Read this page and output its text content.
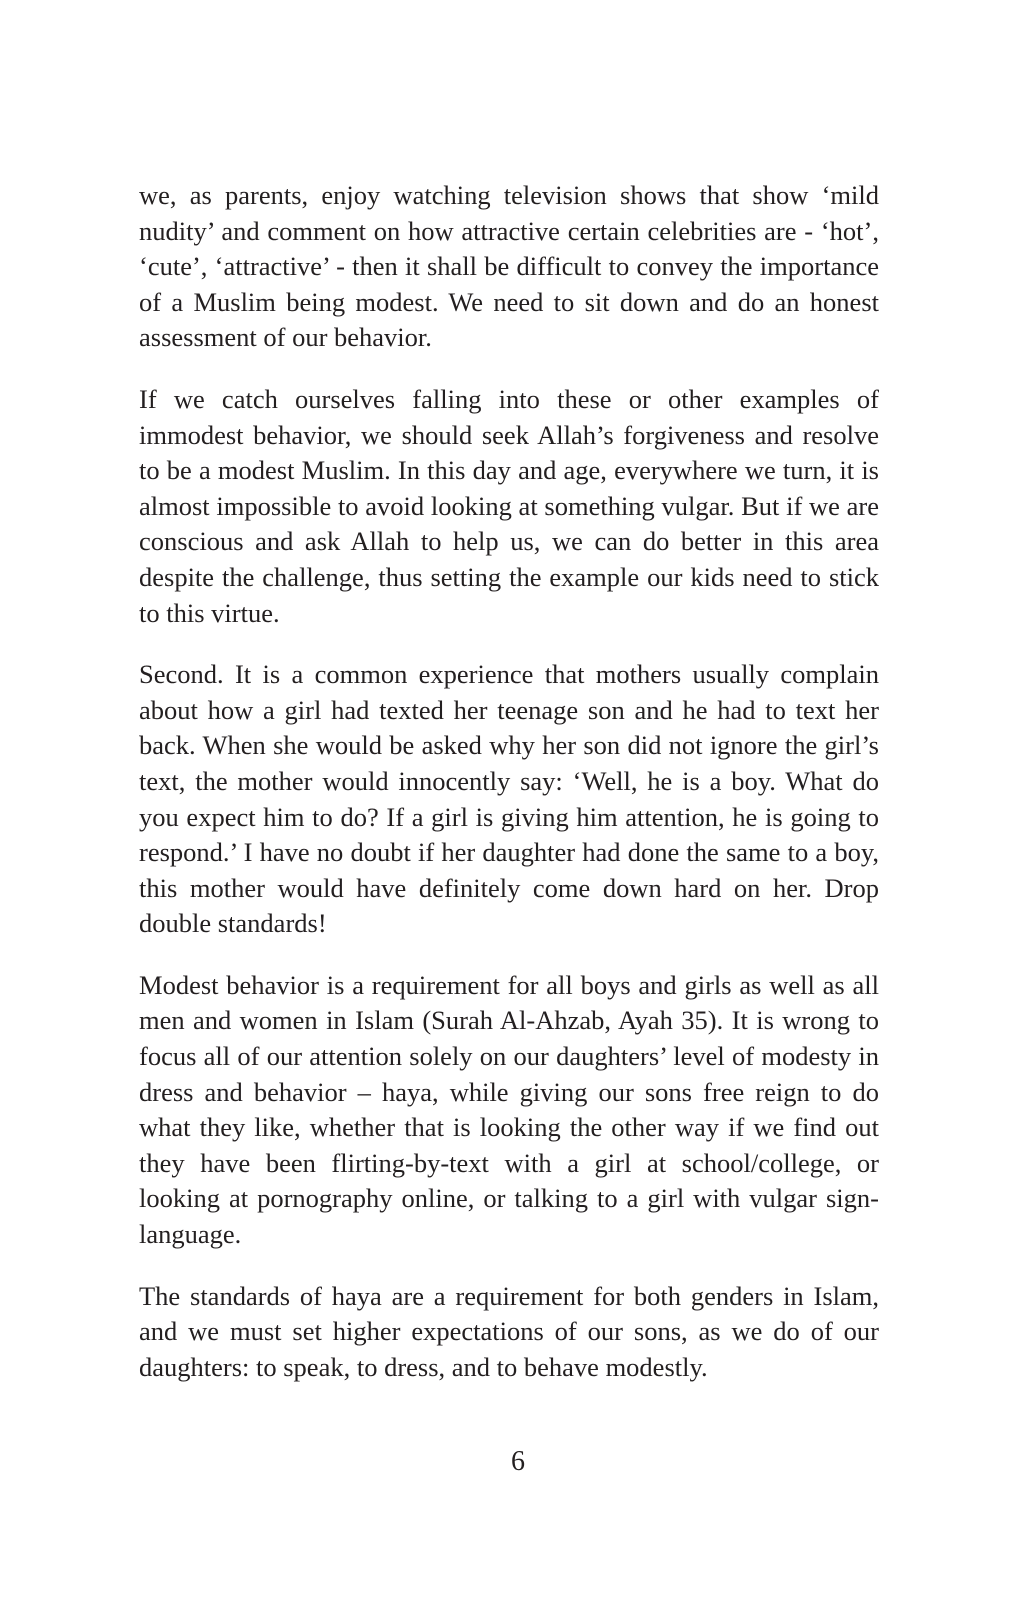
we, as parents, enjoy watching television shows that show ‘mild nudity’ and comment on how attractive certain celebrities are - ‘hot’, ‘cute’, ‘attractive’ - then it shall be difficult to convey the importance of a Muslim being modest. We need to sit down and do an honest assessment of our behavior.

If we catch ourselves falling into these or other examples of immodest behavior, we should seek Allah’s forgiveness and resolve to be a modest Muslim. In this day and age, everywhere we turn, it is almost impossible to avoid looking at something vulgar. But if we are conscious and ask Allah to help us, we can do better in this area despite the challenge, thus setting the example our kids need to stick to this virtue.

Second. It is a common experience that mothers usually complain about how a girl had texted her teenage son and he had to text her back. When she would be asked why her son did not ignore the girl’s text, the mother would innocently say: ‘Well, he is a boy. What do you expect him to do? If a girl is giving him attention, he is going to respond.’ I have no doubt if her daughter had done the same to a boy, this mother would have definitely come down hard on her. Drop double standards!

Modest behavior is a requirement for all boys and girls as well as all men and women in Islam (Surah Al-Ahzab, Ayah 35). It is wrong to focus all of our attention solely on our daughters’ level of modesty in dress and behavior – haya, while giving our sons free reign to do what they like, whether that is looking the other way if we find out they have been flirting-by-text with a girl at school/college, or looking at pornography online, or talking to a girl with vulgar sign-language.

The standards of haya are a requirement for both genders in Islam, and we must set higher expectations of our sons, as we do of our daughters: to speak, to dress, and to behave modestly.

6
